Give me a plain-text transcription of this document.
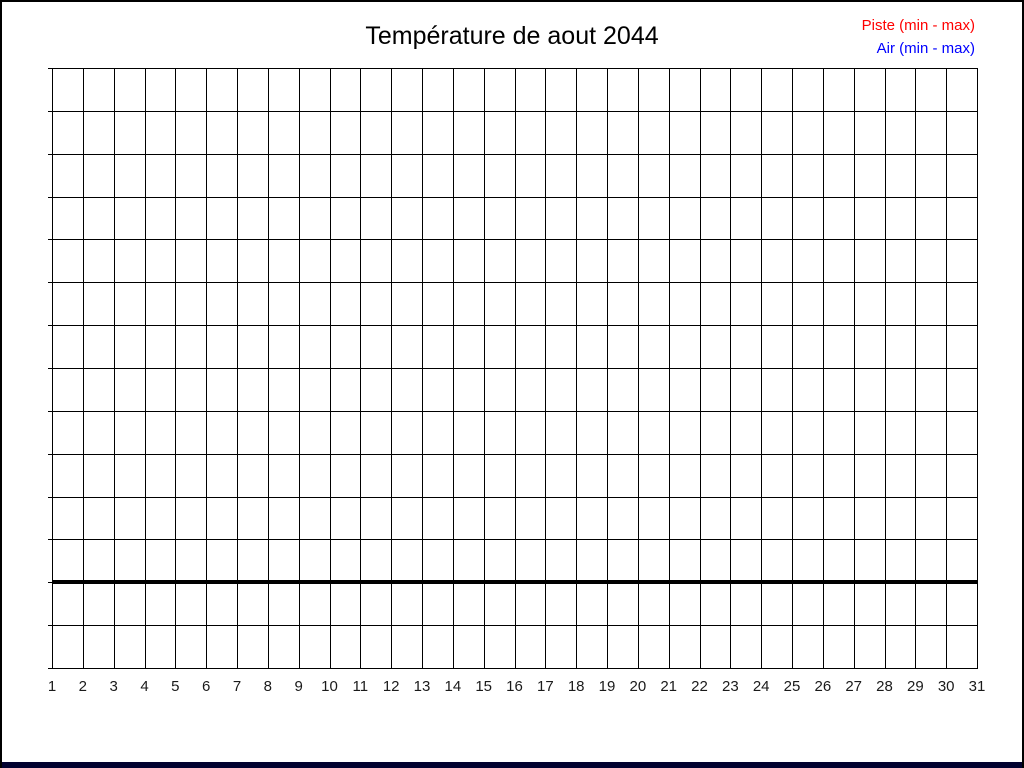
Température de aout 2044	Piste (min - max)
Air (min - max)
1 2 3 4 5 6 7 8 9 10 11 12 13 14 15 16 17 18 19 20 21 22 23 24 25 26 27 28 29 30 31
